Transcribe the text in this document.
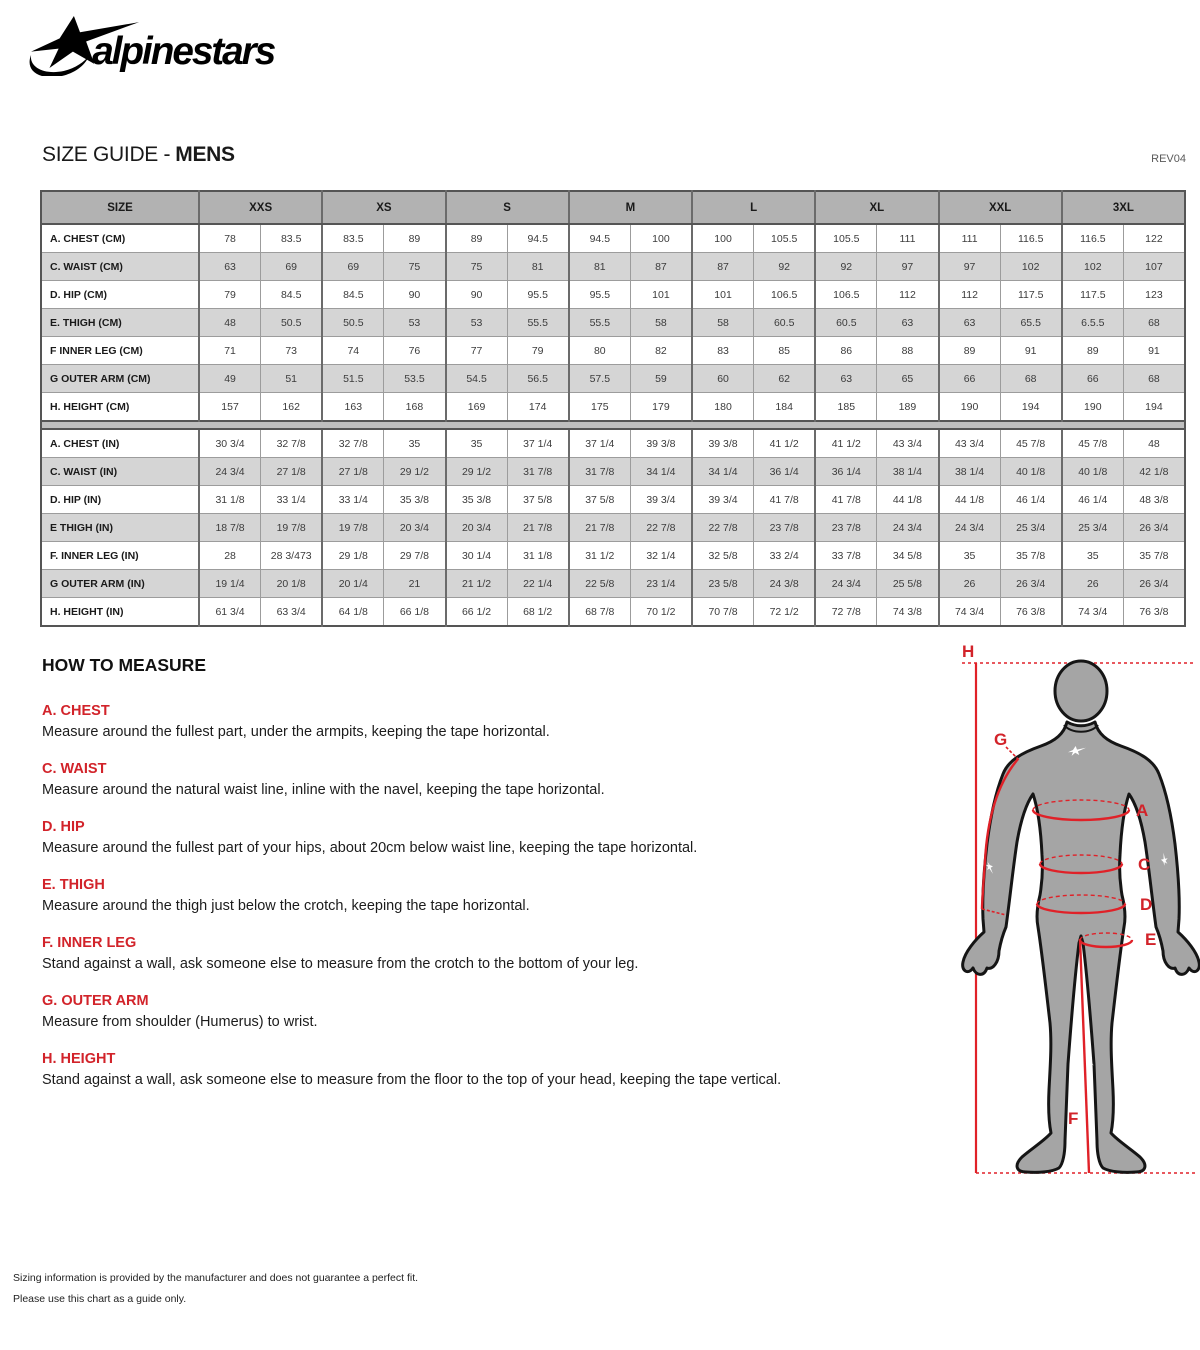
alpinestars
SIZE GUIDE - MENS	REV04
SIZE	XXS		XS		S		M		L		XL		XXL		3XL	
A. CHEST (CM)	78	83.5	83.5	89	89	94.5	94.5	100	100	105.5	105.5	111	111	116.5	116.5	122
C. WAIST (CM)	63	69	69	75	75	81	81	87	87	92	92	97	97	102	102	107
D. HIP (CM)	79	84.5	84.5	90	90	95.5	95.5	101	101	106.5	106.5	112	112	117.5	117.5	123
E. THIGH (CM)	48	50.5	50.5	53	53	55.5	55.5	58	58	60.5	60.5	63	63	65.5	6.5.5	68
F INNER LEG (CM)	71	73	74	76	77	79	80	82	83	85	86	88	89	91	89	91
G OUTER ARM (CM)	49	51	51.5	53.5	54.5	56.5	57.5	59	60	62	63	65	66	68	66	68
H. HEIGHT (CM)	157	162	163	168	169	174	175	179	180	184	185	189	190	194	190	194

A. CHEST (IN)	30 3/4	32 7/8	32 7/8	35	35	37 1/4	37 1/4	39 3/8	39 3/8	41 1/2	41 1/2	43 3/4	43 3/4	45 7/8	45 7/8	48
C. WAIST (IN)	24 3/4	27 1/8	27 1/8	29 1/2	29 1/2	31 7/8	31 7/8	34 1/4	34 1/4	36 1/4	36 1/4	38 1/4	38 1/4	40 1/8	40 1/8	42 1/8
D. HIP (IN)	31 1/8	33 1/4	33 1/4	35 3/8	35 3/8	37 5/8	37 5/8	39 3/4	39 3/4	41 7/8	41 7/8	44 1/8	44 1/8	46 1/4	46 1/4	48 3/8
E THIGH (IN)	18 7/8	19 7/8	19 7/8	20 3/4	20 3/4	21 7/8	21 7/8	22 7/8	22 7/8	23 7/8	23 7/8	24 3/4	24 3/4	25 3/4	25 3/4	26 3/4
F. INNER LEG (IN)	28	28 3/473	29 1/8	29 7/8	30 1/4	31 1/8	31 1/2	32 1/4	32 5/8	33 2/4	33 7/8	34 5/8	35	35 7/8	35	35 7/8
G OUTER ARM (IN)	19 1/4	20 1/8	20 1/4	21	21 1/2	22 1/4	22 5/8	23 1/4	23 5/8	24 3/8	24 3/4	25 5/8	26	26 3/4	26	26 3/4
H. HEIGHT (IN)	61 3/4	63 3/4	64 1/8	66 1/8	66 1/2	68 1/2	68 7/8	70 1/2	70 7/8	72 1/2	72 7/8	74 3/8	74 3/4	76 3/8	74 3/4	76 3/8
HOW TO MEASURE
A. CHEST

Measure around the fullest part, under the armpits, keeping the tape horizontal.

C. WAIST

Measure around the natural waist line, inline with the navel, keeping the tape horizontal.

D. HIP

Measure around the fullest part of your hips, about 20cm below waist line, keeping the tape horizontal.

E. THIGH

Measure around the thigh just below the crotch, keeping the tape horizontal.

F. INNER LEG

Stand against a wall, ask someone else to measure from the crotch to the bottom of your leg.

G. OUTER ARM

Measure from shoulder (Humerus) to wrist.

H. HEIGHT

Stand against a wall, ask someone else to measure from the floor to the top of your head, keeping the tape vertical.

H
G
A
C
D
E
F
Sizing information is provided by the manufacturer and does not guarantee a perfect fit.
Please use this chart as a guide only.
